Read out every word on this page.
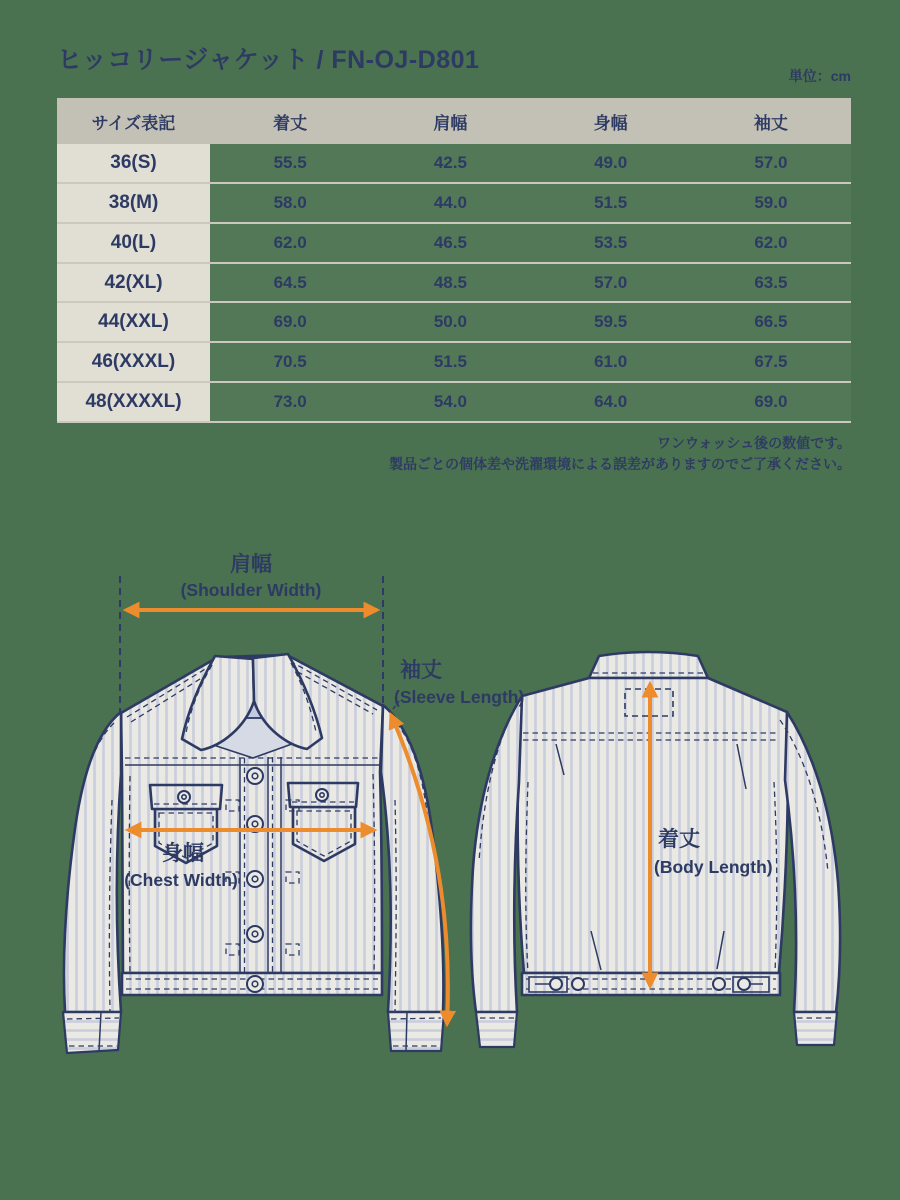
ヒッコリージャケット / FN-OJ-D801
単位：cm
サイズ表記	着丈	肩幅	身幅	袖丈
36(S)	55.5	42.5	49.0	57.0
38(M)	58.0	44.0	51.5	59.0
40(L)	62.0	46.5	53.5	62.0
42(XL)	64.5	48.5	57.0	63.5
44(XXL)	69.0	50.0	59.5	66.5
46(XXXL)	70.5	51.5	61.0	67.5
48(XXXXL)	73.0	54.0	64.0	69.0
ワンウォッシュ後の数値です。
製品ごとの個体差や洗濯環境による誤差がありますのでご了承ください。
肩幅
(Shoulder Width)
袖丈
(Sleeve Length)
身幅
(Chest Width)
着丈
(Body Length)
